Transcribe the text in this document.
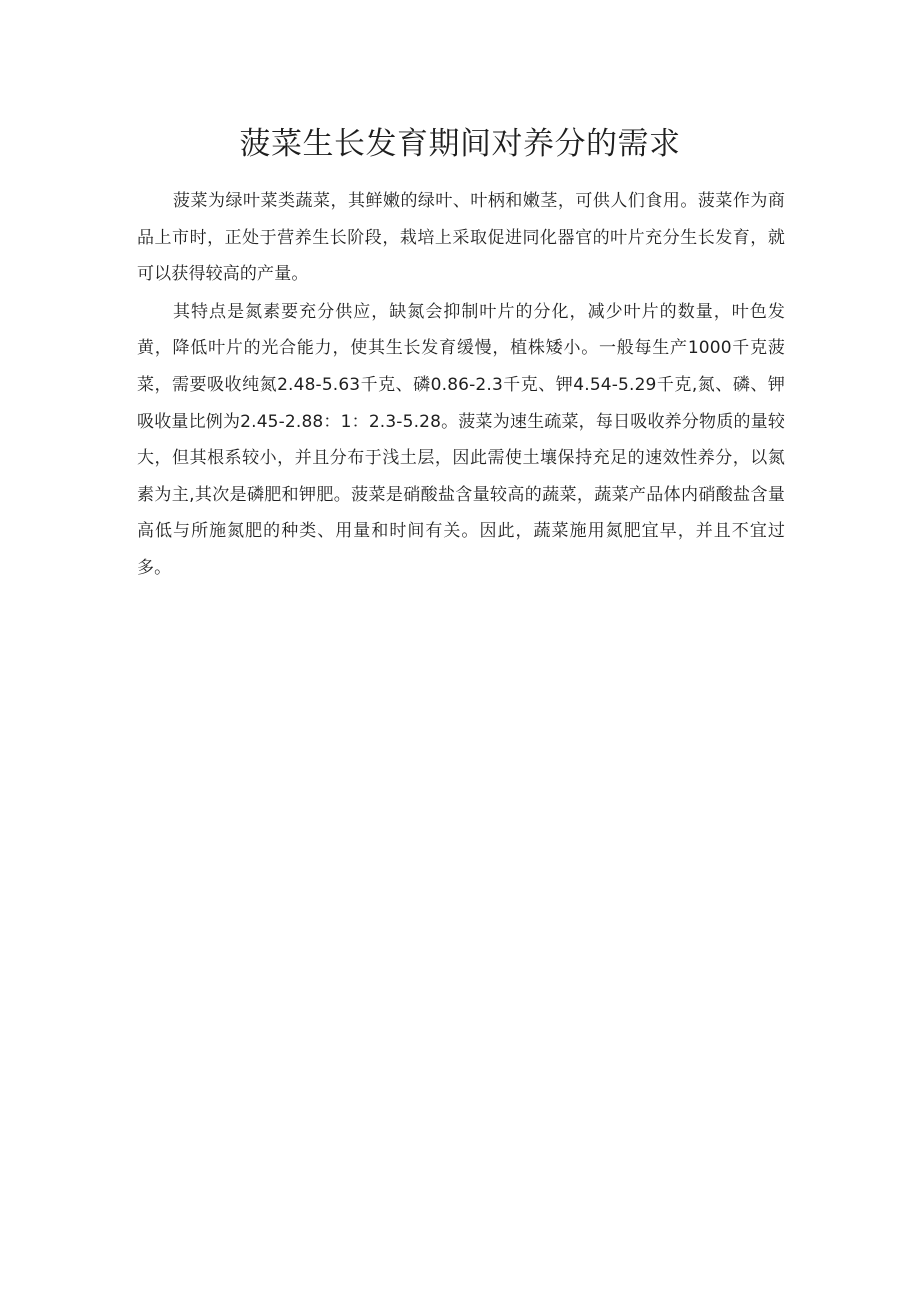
菠菜生长发育期间对养分的需求

菠菜为绿叶菜类蔬菜，其鲜嫩的绿叶、叶柄和嫩茎，可供人们食用。菠菜作为商品上市时，正处于营养生长阶段，栽培上采取促进同化器官的叶片充分生长发育，就可以获得较高的产量。

其特点是氮素要充分供应，缺氮会抑制叶片的分化，减少叶片的数量，叶色发黄，降低叶片的光合能力，使其生长发育缓慢，植株矮小。一般每生产1000千克菠菜，需要吸收纯氮2.48-5.63千克、磷0.86-2.3千克、钾4.54-5.29千克,氮、磷、钾吸收量比例为2.45-2.88：1：2.3-5.28。菠菜为速生疏菜，每日吸收养分物质的量较大，但其根系较小，并且分布于浅土层，因此需使土壤保持充足的速效性养分，以氮素为主,其次是磷肥和钾肥。菠菜是硝酸盐含量较高的蔬菜，蔬菜产品体内硝酸盐含量高低与所施氮肥的种类、用量和时间有关。因此，蔬菜施用氮肥宜早，并且不宜过多。
